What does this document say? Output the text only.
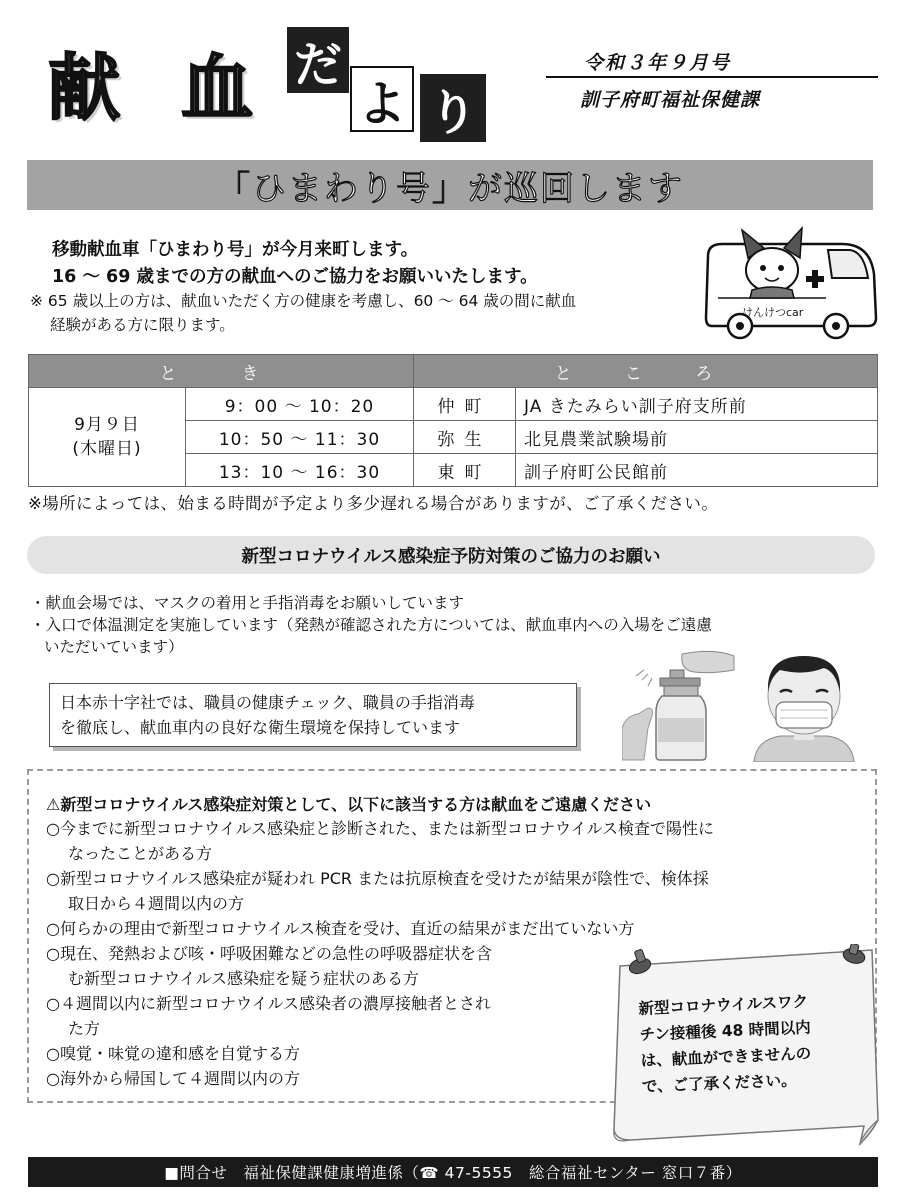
献 血 だ
よ り
令和３年９月号
訓子府町福祉保健課
「ひまわり号」が巡回します
移動献血車「ひまわり号」が今月来町します。
16 ～ 69 歳までの方の献血へのご協力をお願いいたします。
※ 65 歳以上の方は、献血いただく方の健康を考慮し、60 ～ 64 歳の間に献血
経験がある方に限ります。
けんけつcar
と　き		と こ ろ	

9月９日
(木曜日)	9：00 ～ 10：20	仲町	JA きたみらい訓子府支所前
	10：50 ～ 11：30	弥生	北見農業試験場前
	13：10 ～ 16：30	東町	訓子府町公民館前
※場所によっては、始まる時間が予定より多少遅れる場合がありますが、ご了承ください。
新型コロナウイルス感染症予防対策のご協力のお願い
・献血会場では、マスクの着用と手指消毒をお願いしています
・入口で体温測定を実施しています（発熱が確認された方については、献血車内への入場をご遠慮
いただいています）
日本赤十字社では、職員の健康チェック、職員の手指消毒
を徹底し、献血車内の良好な衛生環境を保持しています
⚠新型コロナウイルス感染症対策として、以下に該当する方は献血をご遠慮ください
○今までに新型コロナウイルス感染症と診断された、または新型コロナウイルス検査で陽性に
なったことがある方
○新型コロナウイルス感染症が疑われ PCR または抗原検査を受けたが結果が陰性で、検体採
取日から４週間以内の方
○何らかの理由で新型コロナウイルス検査を受け、直近の結果がまだ出ていない方
○現在、発熱および咳・呼吸困難などの急性の呼吸器症状を含
む新型コロナウイルス感染症を疑う症状のある方
○４週間以内に新型コロナウイルス感染者の濃厚接触者とされ
た方
○嗅覚・味覚の違和感を自覚する方
○海外から帰国して４週間以内の方
新型コロナウイルスワク
チン接種後 48 時間以内
は、献血ができませんの
で、ご了承ください。
■問合せ　福祉保健課健康増進係（☎ 47-5555　総合福祉センター 窓口７番）
